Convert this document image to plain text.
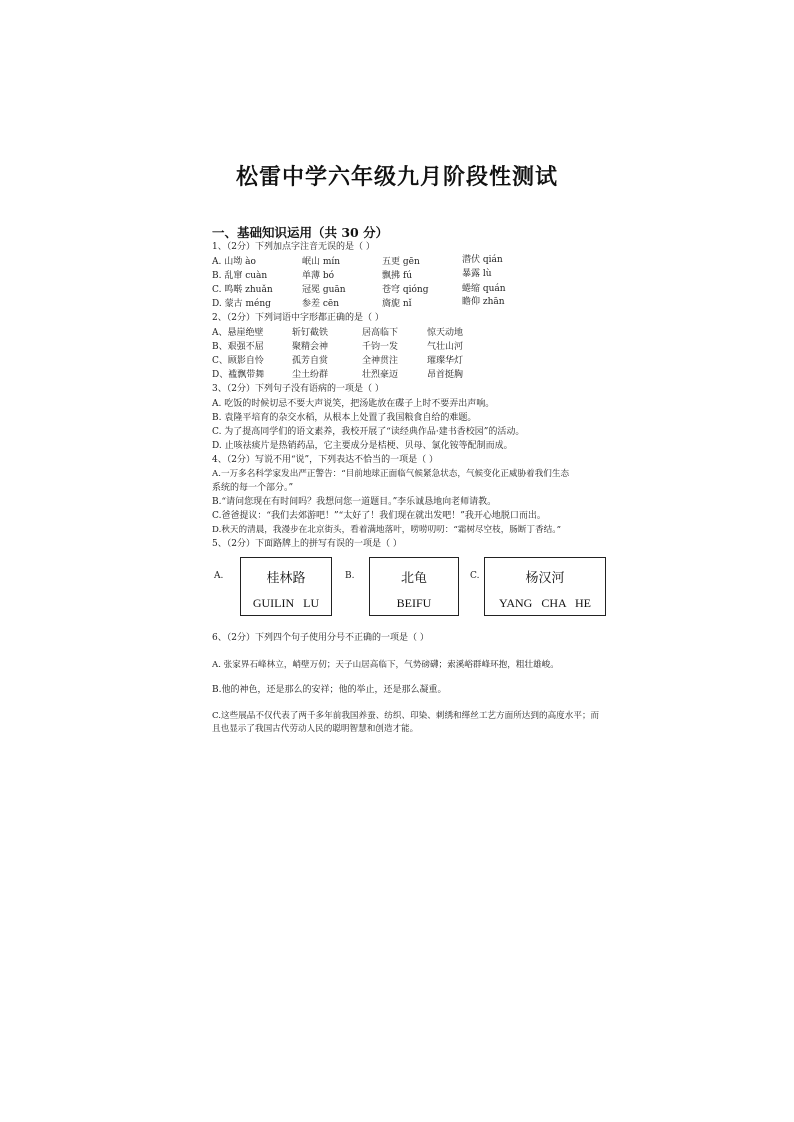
松雷中学六年级九月阶段性测试
一、基础知识运用（共 30 分）
1、（2分）下列加点字注音无误的是（ ）
A. 山坳 ào	岷山 mín	五更 gēn	潜伏 qián
B. 乱窜 cuàn	单薄 bó	飘拂 fú	暴露 lù
C. 鸣啭 zhuǎn	冠冕 guān	苍穹 qióng	蜷缩 quán
D. 蒙古 méng	参差 cēn	旖旎 nǐ	瞻仰 zhān
2、（2分）下列词语中字形都正确的是（ ）
A、悬崖绝壁	斩钉截铁	居高临下	惊天动地
B、艰强不屈	聚精会神	千钧一发	气壮山河
C、顾影自怜	孤芳自赏	全神贯注	璀璨华灯
D、褴飘带舞	尘土纷群	壮烈豪迈	昂首挺胸
3、（2分）下列句子没有语病的一项是（ ）
A. 吃饭的时候切忌不要大声说笑，把汤匙放在碟子上时不要弄出声响。
B. 袁隆平培育的杂交水稻，从根本上处置了我国粮食自给的难题。
C. 为了提高同学们的语文素养，我校开展了“读经典作品·建书香校园”的活动。
D. 止咳祛痰片是热销药品，它主要成分是桔梗、贝母、氯化铵等配制而成。
4、（2分）写说不用“说”，下列表达不恰当的一项是（ ）
A.一万多名科学家发出严正警告：“目前地球正面临气候紧急状态，气候变化正威胁着我们生态
系统的每一个部分。”
B.“请问您现在有时间吗？我想问您一道题目。”李乐诚恳地向老师请教。
C.爸爸提议：“我们去郊游吧！”“太好了！我们现在就出发吧！”我开心地脱口而出。
D.秋天的清晨，我漫步在北京街头，看着满地落叶，唠唠叨叨：“霜树尽空枝，肠断丁香结。”
5、（2分）下面路牌上的拼写有误的一项是（ ）
A.	桂林路
GUILIN LU
B.	北龟
BEIFU
C.	杨汉河
YANG CHA HE
6、（2分）下列四个句子使用分号不正确的一项是（ ）
A. 张家界石峰林立，峭壁万仞；天子山居高临下，气势磅礴；索溪峪群峰环抱，粗壮雄峻。
B.他的神色，还是那么的安祥；他的举止，还是那么凝重。
C.这些展品不仅代表了两千多年前我国养蚕、纺织、印染、刺绣和缂丝工艺方面所达到的高度水平；而且也显示了我国古代劳动人民的聪明智慧和创造才能。
